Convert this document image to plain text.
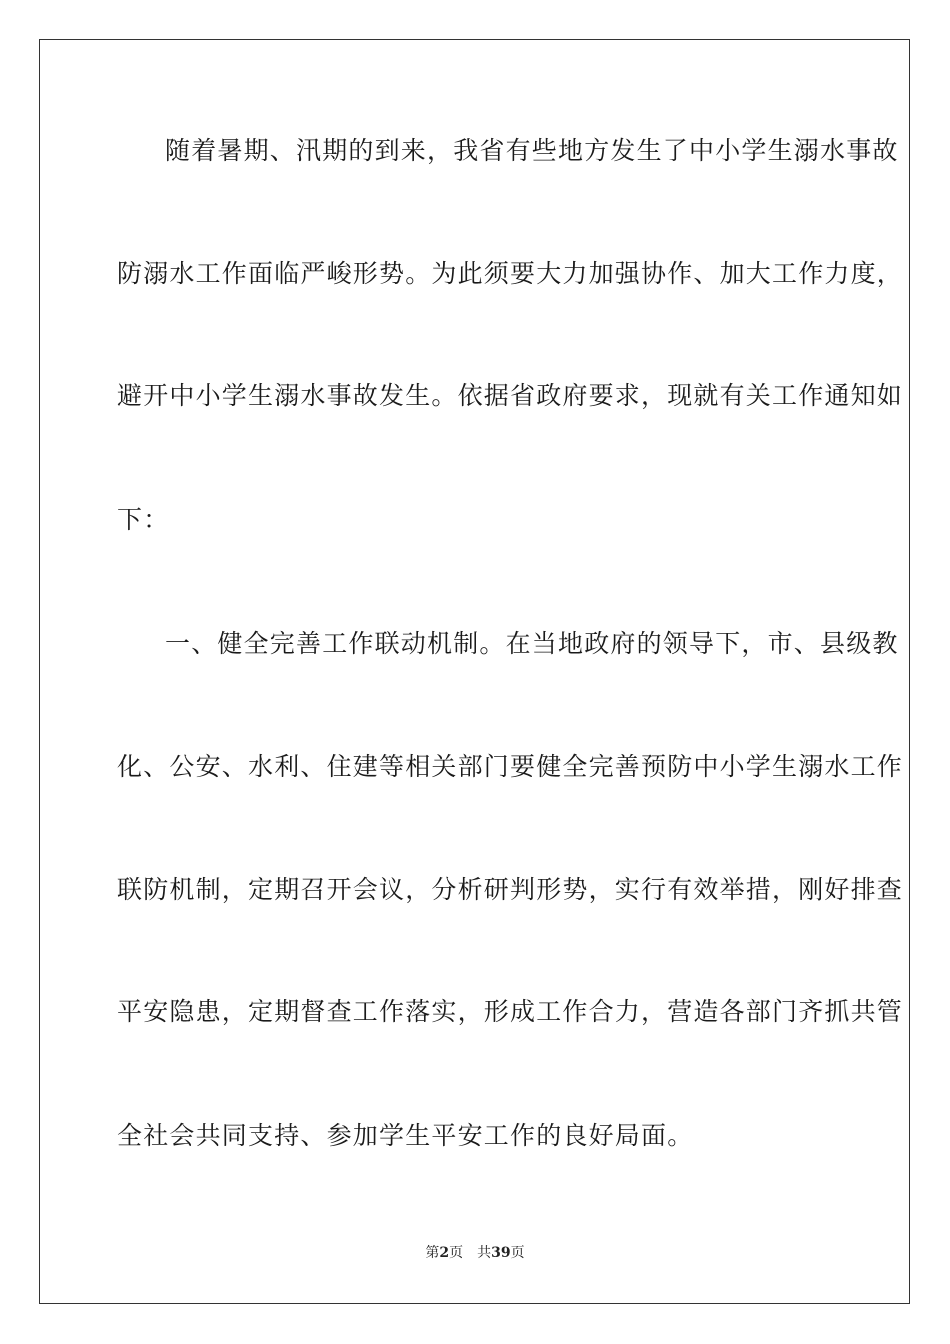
随着暑期、汛期的到来，我省有些地方发生了中小学生溺水事故
防溺水工作面临严峻形势。为此须要大力加强协作、加大工作力度，
避开中小学生溺水事故发生。依据省政府要求，现就有关工作通知如
下：
一、健全完善工作联动机制。在当地政府的领导下，市、县级教
化、公安、水利、住建等相关部门要健全完善预防中小学生溺水工作
联防机制，定期召开会议，分析研判形势，实行有效举措，刚好排查
平安隐患，定期督查工作落实，形成工作合力，营造各部门齐抓共管
全社会共同支持、参加学生平安工作的良好局面。
第2页 共39页
